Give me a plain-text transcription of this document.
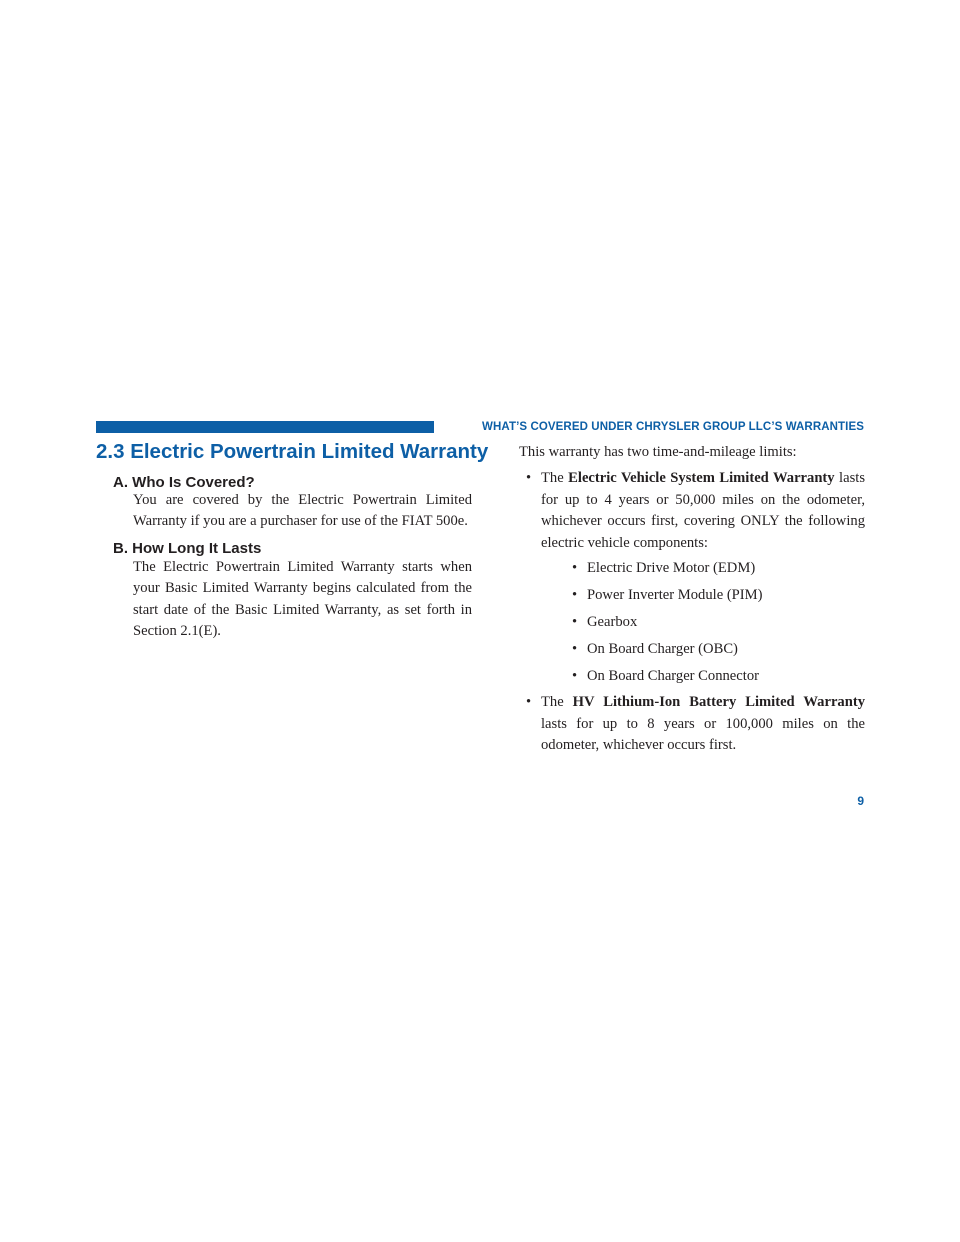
WHAT’S COVERED UNDER CHRYSLER GROUP LLC’S WARRANTIES
2.3 Electric Powertrain Limited Warranty
A. Who Is Covered?

You are covered by the Electric Powertrain Limited Warranty if you are a purchaser for use of the FIAT 500e.

B. How Long It Lasts

The Electric Powertrain Limited Warranty starts when your Basic Limited Warranty begins calculated from the start date of the Basic Limited Warranty, as set forth in Section 2.1(E).

This warranty has two time-and-mileage limits:

• The Electric Vehicle System Limited Warranty lasts for up to 4 years or 50,000 miles on the odometer, whichever occurs first, covering ONLY the following electric vehicle components:
• Electric Drive Motor (EDM)
• Power Inverter Module (PIM)
• Gearbox
• On Board Charger (OBC)
• On Board Charger Connector
• The HV Lithium-Ion Battery Limited Warranty lasts for up to 8 years or 100,000 miles on the odometer, whichever occurs first.
9
